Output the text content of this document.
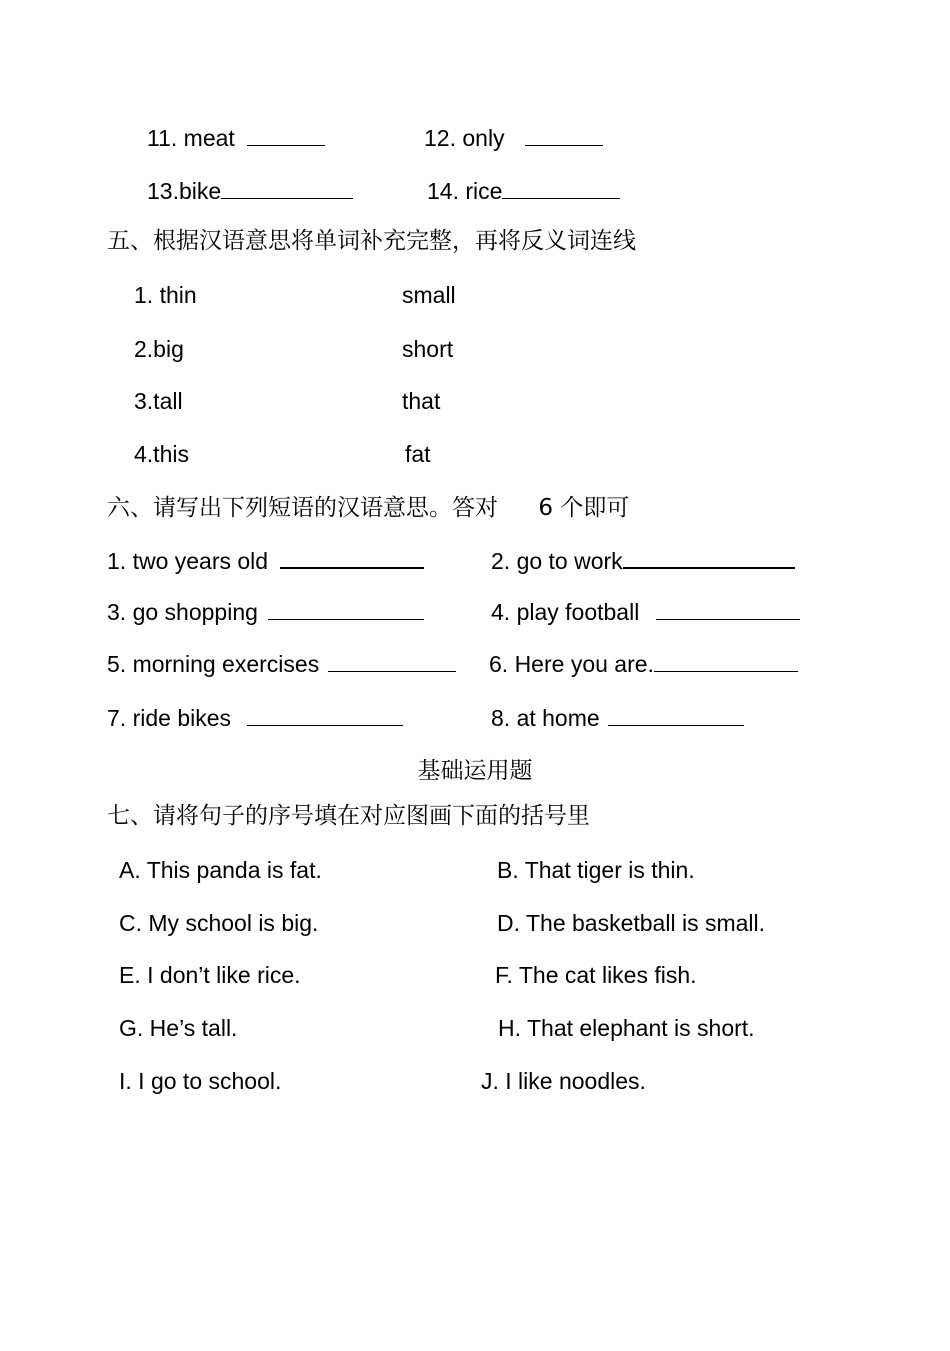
11. meat	12. only
13.bike	14. rice
五、根据汉语意思将单词补充完整，再将反义词连线
1. thin	small
2.big	short
3.tall	that
4.this	fat
六、请写出下列短语的汉语意思。答对 6 个即可
1. two years old	2. go to work
3. go shopping	4. play football
5. morning exercises	6. Here you are.
7. ride bikes	8. at home
基础运用题
七、请将句子的序号填在对应图画下面的括号里
A. This panda is fat.	B. That tiger is thin.
C. My school is big.	D. The basketball is small.
E. I don’t like rice.	F. The cat likes fish.
G. He’s tall.	H. That elephant is short.
I. I go to school.	J. I like noodles.
